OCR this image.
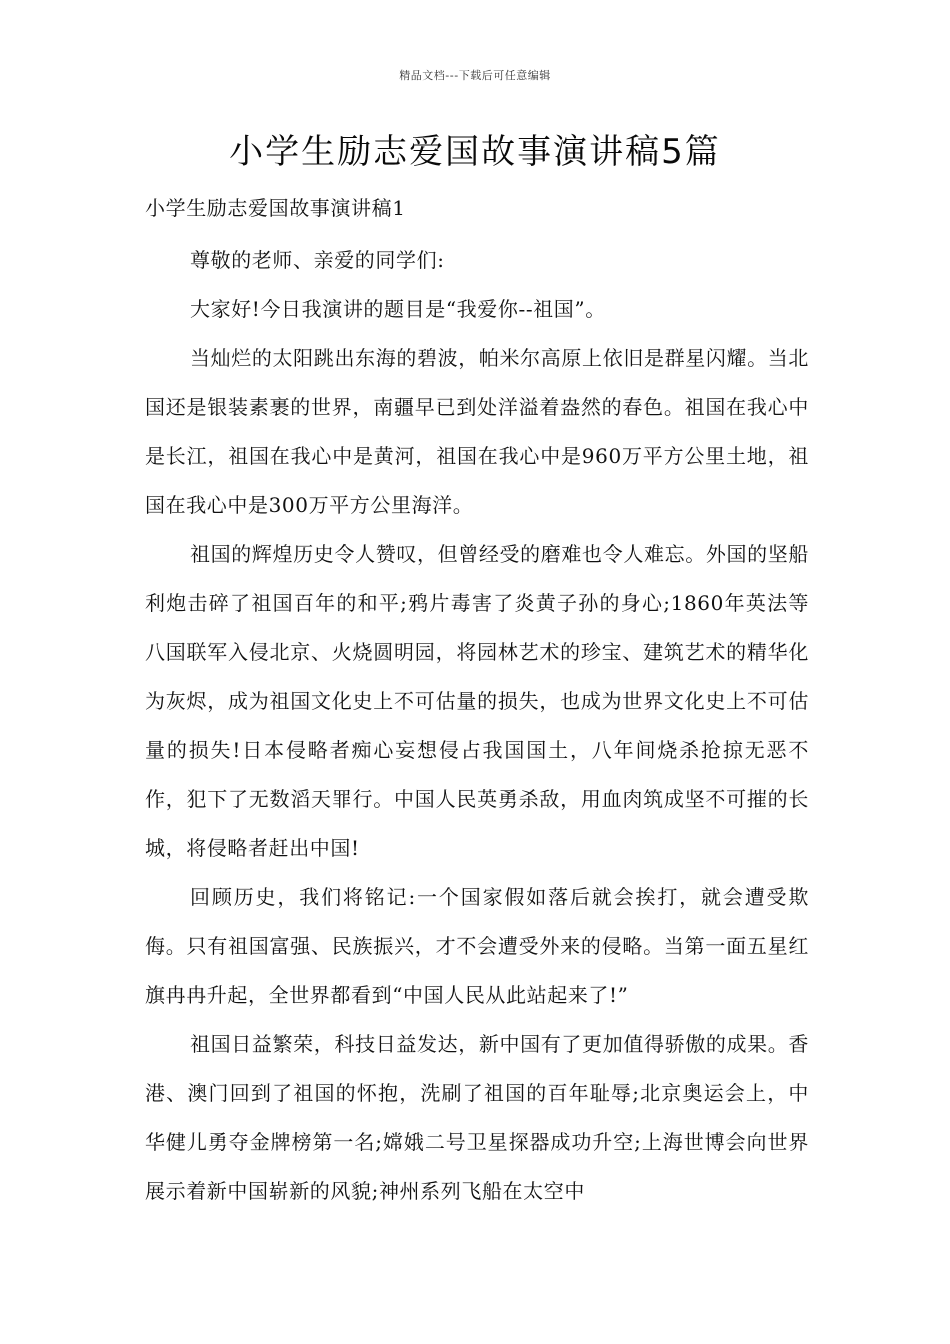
精品文档---下载后可任意编辑
小学生励志爱国故事演讲稿5篇

小学生励志爱国故事演讲稿1

尊敬的老师、亲爱的同学们:

大家好!今日我演讲的题目是“我爱你--祖国”。

当灿烂的太阳跳出东海的碧波，帕米尔高原上依旧是群星闪耀。当北国还是银装素裹的世界，南疆早已到处洋溢着盎然的春色。祖国在我心中是长江，祖国在我心中是黄河，祖国在我心中是960万平方公里土地，祖国在我心中是300万平方公里海洋。

祖国的辉煌历史令人赞叹，但曾经受的磨难也令人难忘。外国的坚船利炮击碎了祖国百年的和平;鸦片毒害了炎黄子孙的身心;1860年英法等八国联军入侵北京、火烧圆明园，将园林艺术的珍宝、建筑艺术的精华化为灰烬，成为祖国文化史上不可估量的损失，也成为世界文化史上不可估量的损失!日本侵略者痴心妄想侵占我国国土，八年间烧杀抢掠无恶不作，犯下了无数滔天罪行。中国人民英勇杀敌，用血肉筑成坚不可摧的长城，将侵略者赶出中国!

回顾历史，我们将铭记:一个国家假如落后就会挨打，就会遭受欺侮。只有祖国富强、民族振兴，才不会遭受外来的侵略。当第一面五星红旗冉冉升起，全世界都看到“中国人民从此站起来了!”

祖国日益繁荣，科技日益发达，新中国有了更加值得骄傲的成果。香港、澳门回到了祖国的怀抱，洗刷了祖国的百年耻辱;北京奥运会上，中华健儿勇夺金牌榜第一名;嫦娥二号卫星探器成功升空;上海世博会向世界展示着新中国崭新的风貌;神州系列飞船在太空中
